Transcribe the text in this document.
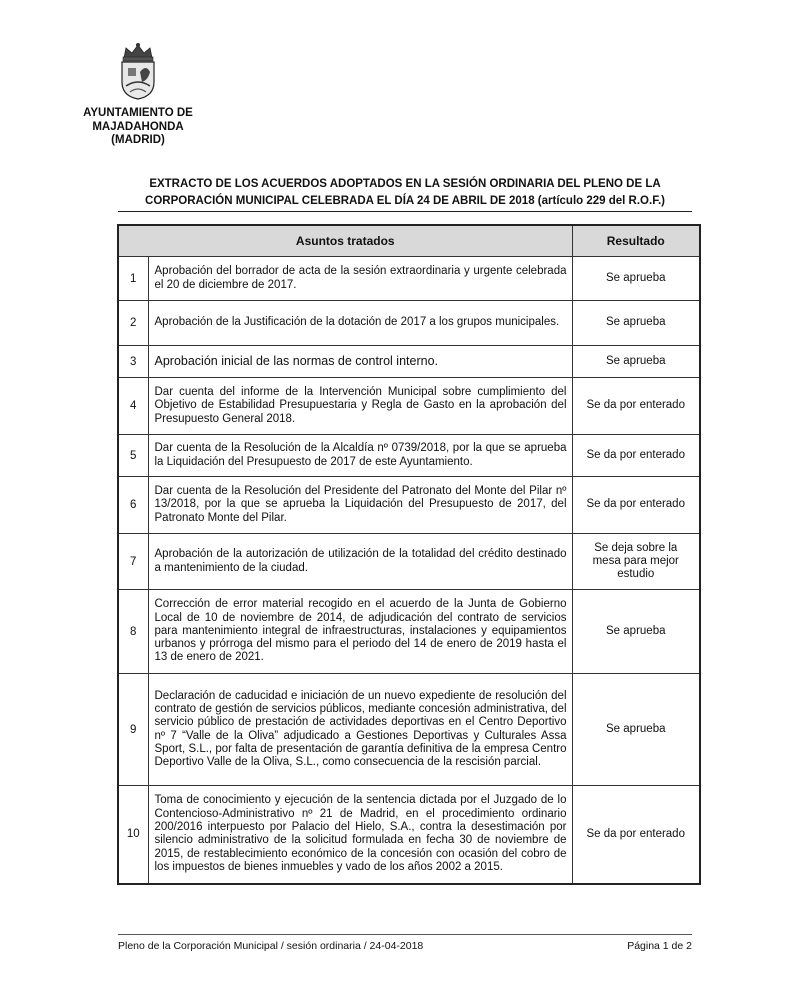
AYUNTAMIENTO DE
MAJADAHONDA
(MADRID)
EXTRACTO DE LOS ACUERDOS ADOPTADOS EN LA SESIÓN ORDINARIA DEL PLENO DE LA
CORPORACIÓN MUNICIPAL CELEBRADA EL DÍA 24 DE ABRIL DE 2018 (artículo 229 del R.O.F.)
Asuntos tratados		Resultado
1	Aprobación del borrador de acta de la sesión extraordinaria y urgente celebrada el 20 de diciembre de 2017.	Se aprueba
2	Aprobación de la Justificación de la dotación de 2017 a los grupos municipales.	Se aprueba
3	Aprobación inicial de las normas de control interno.	Se aprueba
4	Dar cuenta del informe de la Intervención Municipal sobre cumplimiento del Objetivo de Estabilidad Presupuestaria y Regla de Gasto en la aprobación del Presupuesto General 2018.	Se da por enterado
5	Dar cuenta de la Resolución de la Alcaldía nº 0739/2018, por la que se aprueba la Liquidación del Presupuesto de 2017 de este Ayuntamiento.	Se da por enterado
6	Dar cuenta de la Resolución del Presidente del Patronato del Monte del Pilar nº 13/2018, por la que se aprueba la Liquidación del Presupuesto de 2017, del Patronato Monte del Pilar.	Se da por enterado
7	Aprobación de la autorización de utilización de la totalidad del crédito destinado a mantenimiento de la ciudad.	Se deja sobre la mesa para mejor estudio
8	Corrección de error material recogido en el acuerdo de la Junta de Gobierno Local de 10 de noviembre de 2014, de adjudicación del contrato de servicios para mantenimiento integral de infraestructuras, instalaciones y equipamientos urbanos y prórroga del mismo para el periodo del 14 de enero de 2019 hasta el 13 de enero de 2021.	Se aprueba
9	Declaración de caducidad e iniciación de un nuevo expediente de resolución del contrato de gestión de servicios públicos, mediante concesión administrativa, del servicio público de prestación de actividades deportivas en el Centro Deportivo nº 7 “Valle de la Oliva” adjudicado a Gestiones Deportivas y Culturales Assa Sport, S.L., por falta de presentación de garantía definitiva de la empresa Centro Deportivo Valle de la Oliva, S.L., como consecuencia de la rescisión parcial.	Se aprueba
10	Toma de conocimiento y ejecución de la sentencia dictada por el Juzgado de lo Contencioso-Administrativo nº 21 de Madrid, en el procedimiento ordinario 200/2016 interpuesto por Palacio del Hielo, S.A., contra la desestimación por silencio administrativo de la solicitud formulada en fecha 30 de noviembre de 2015, de restablecimiento económico de la concesión con ocasión del cobro de los impuestos de bienes inmuebles y vado de los años 2002 a 2015.	Se da por enterado
Pleno de la Corporación Municipal / sesión ordinaria / 24-04-2018	Página 1 de 2
